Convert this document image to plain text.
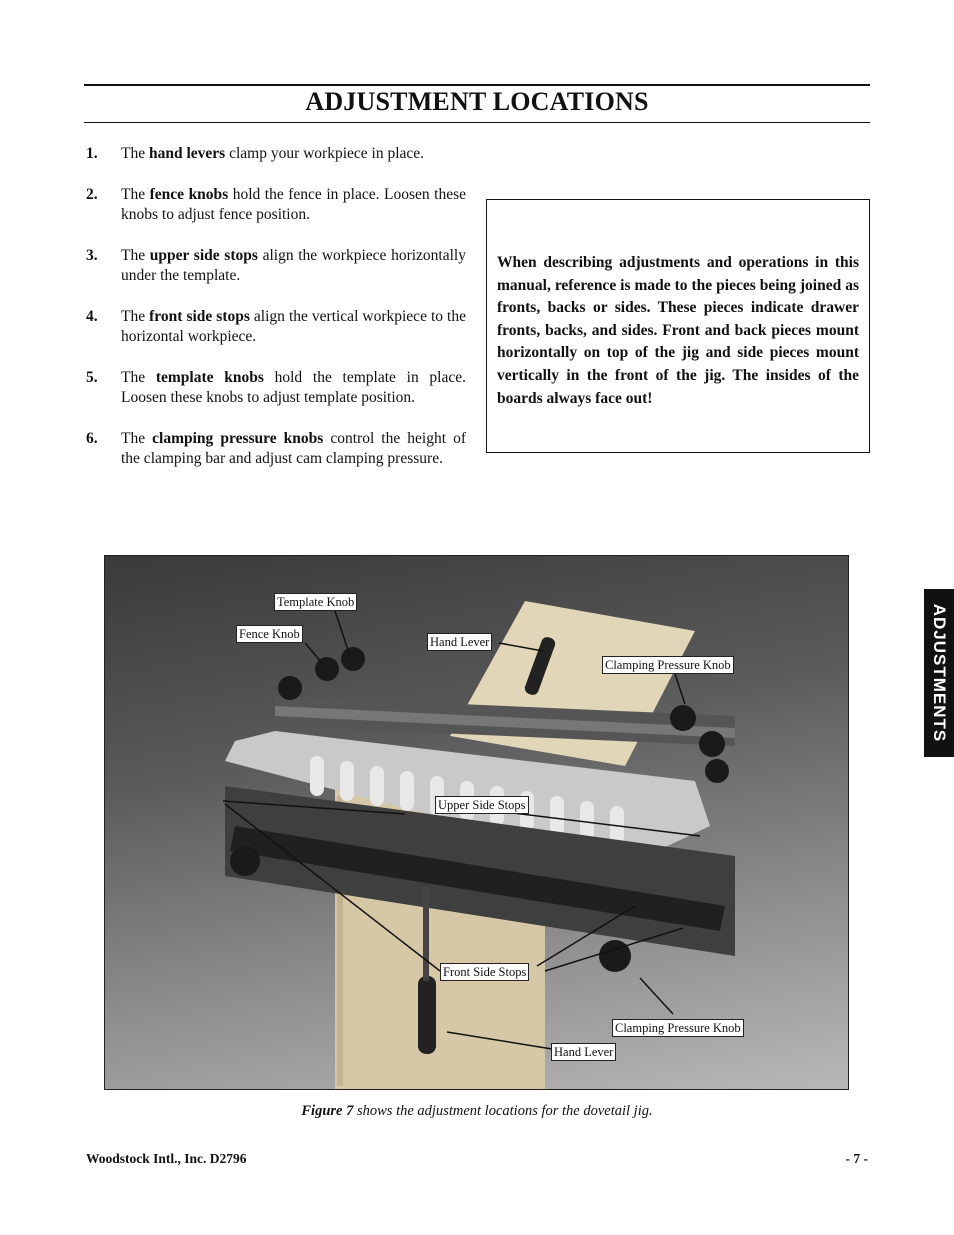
ADJUSTMENT LOCATIONS
1. The hand levers clamp your workpiece in place.
2. The fence knobs hold the fence in place. Loosen these knobs to adjust fence position.
3. The upper side stops align the workpiece horizontally under the template.
4. The front side stops align the vertical workpiece to the horizontal workpiece.
5. The template knobs hold the template in place. Loosen these knobs to adjust template position.
6. The clamping pressure knobs control the height of the clamping bar and adjust cam clamping pressure.

When describing adjustments and operations in this manual, reference is made to the pieces being joined as fronts, backs or sides. These pieces indicate drawer fronts, backs, and sides. Front and back pieces mount horizontally on top of the jig and side pieces mount vertically in the front of the jig. The insides of the boards always face out!

Template Knob
Fence Knob
Hand Lever
Clamping Pressure Knob
Upper Side Stops
Front Side Stops
Clamping Pressure Knob
Hand Lever

Figure 7 shows the adjustment locations for the dovetail jig.

Woodstock Intl., Inc. D2796	- 7 -
ADJUSTMENTS
